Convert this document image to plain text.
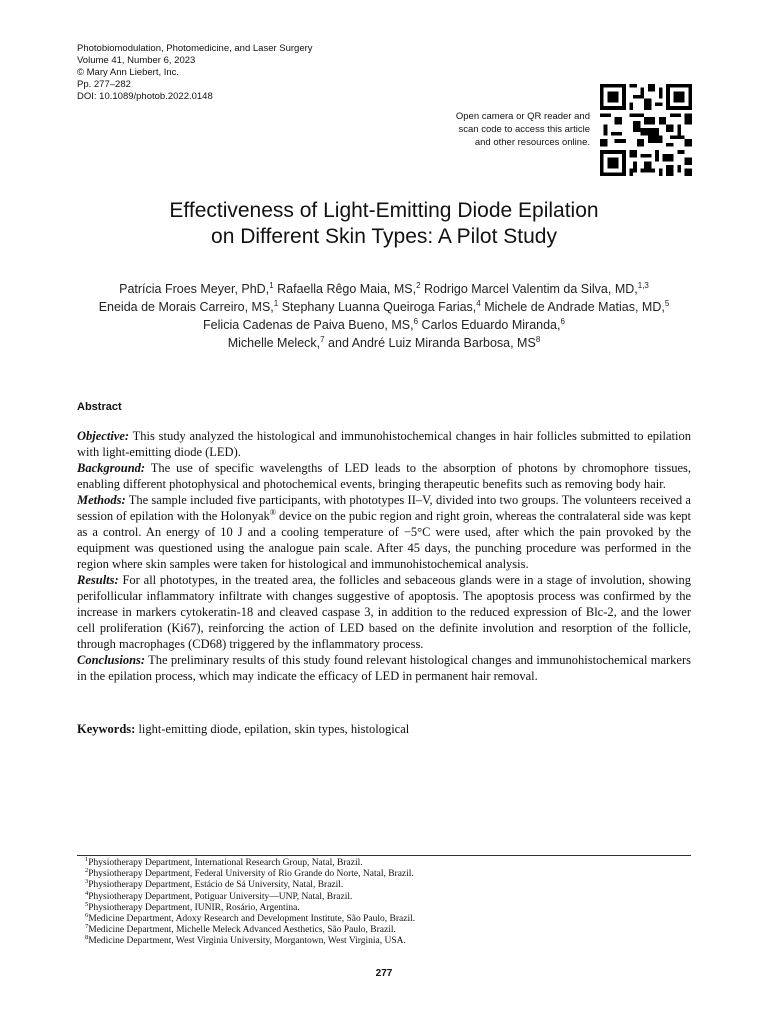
Photobiomodulation, Photomedicine, and Laser Surgery
Volume 41, Number 6, 2023
© Mary Ann Liebert, Inc.
Pp. 277–282
DOI: 10.1089/photob.2022.0148
Open camera or QR reader and
scan code to access this article
and other resources online.
Effectiveness of Light-Emitting Diode Epilation
on Different Skin Types: A Pilot Study
Patrícia Froes Meyer, PhD,$^1$ Rafaella Rêgo Maia, MS,$^2$ Rodrigo Marcel Valentim da Silva, MD,$^{1,3}$
Eneida de Morais Carreiro, MS,$^1$ Stephany Luanna Queiroga Farias,$^4$ Michele de Andrade Matias, MD,$^5$
Felicia Cadenas de Paiva Bueno, MS,$^6$ Carlos Eduardo Miranda,$^6$
Michelle Meleck,$^7$ and André Luiz Miranda Barbosa, $MS^8$
Abstract

Objective: This study analyzed the histological and immunohistochemical changes in hair follicles submitted to epilation with light-emitting diode (LED).

Background: The use of specific wavelengths of LED leads to the absorption of photons by chromophore tissues, enabling different photophysical and photochemical events, bringing therapeutic benefits such as removing body hair.

Methods: The sample included five participants, with phototypes II–V, divided into two groups. The volunteers received a session of epilation with the Holonyak® device on the pubic region and right groin, whereas the contralateral side was kept as a control. An energy of 10 J and a cooling temperature of −5°C were used, after which the pain provoked by the equipment was questioned using the analogue pain scale. After 45 days, the punching procedure was performed in the region where skin samples were taken for histological and immunohistochemical analysis.

Results: For all phototypes, in the treated area, the follicles and sebaceous glands were in a stage of involution, showing perifollicular inflammatory infiltrate with changes suggestive of apoptosis. The apoptosis process was confirmed by the increase in markers cytokeratin-18 and cleaved caspase 3, in addition to the reduced expression of Blc-2, and the lower cell proliferation (Ki67), reinforcing the action of LED based on the definite involution and resorption of the follicle, through macrophages (CD68) triggered by the inflammatory process.

Conclusions: The preliminary results of this study found relevant histological changes and immunohistochemical markers in the epilation process, which may indicate the efficacy of LED in permanent hair removal.

Keywords: light-emitting diode, epilation, skin types, histological
$^1$Physiotherapy Department, International Research Group, Natal, Brazil.
$^2$Physiotherapy Department, Federal University of Rio Grande do Norte, Natal, Brazil.
$^3$Physiotherapy Department, Estácio de Sá University, Natal, Brazil.
$^4$Physiotherapy Department, Potiguar University—UNP, Natal, Brazil.
$^5$Physiotherapy Department, IUNIR, Rosário, Argentina.
$^6$Medicine Department, Adoxy Research and Development Institute, São Paulo, Brazil.
$^7$Medicine Department, Michelle Meleck Advanced Aesthetics, São Paulo, Brazil.
$^8$Medicine Department, West Virginia University, Morgantown, West Virginia, USA.
277
